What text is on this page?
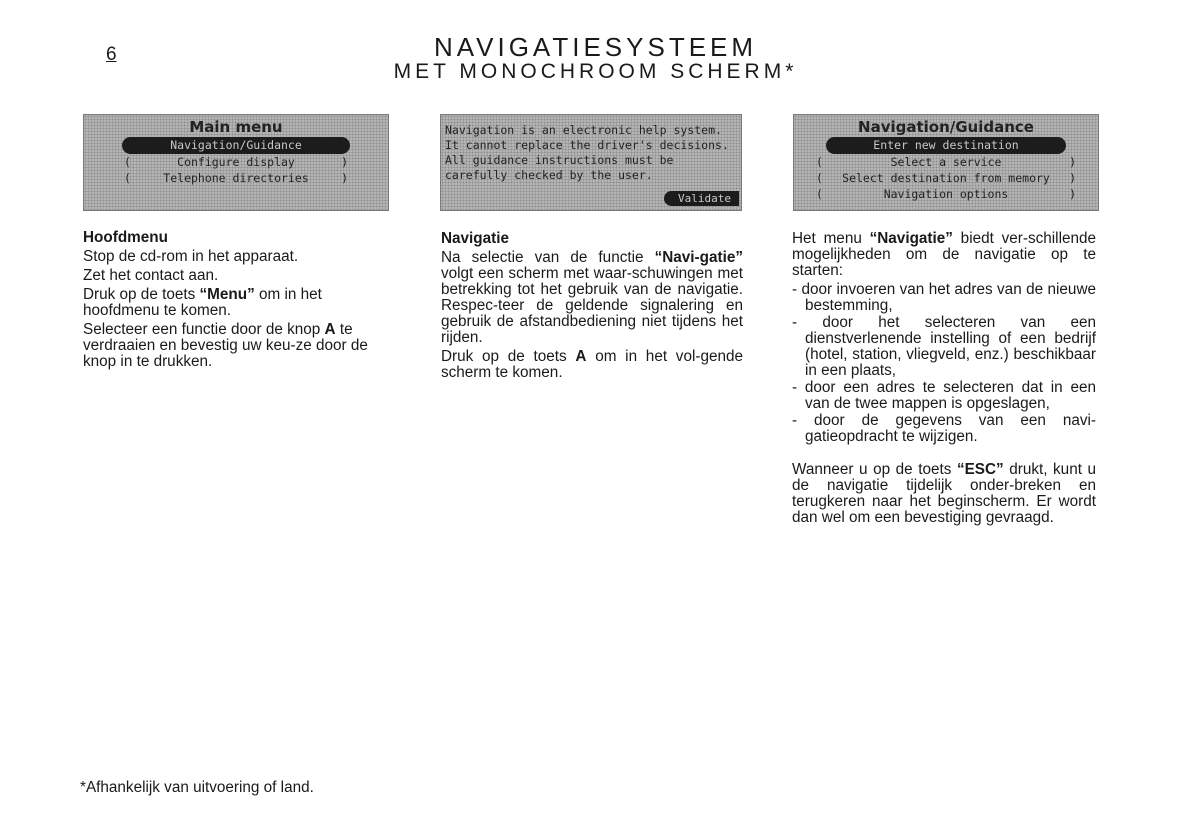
6	NAVIGATIESYSTEEM
MET MONOCHROOM SCHERM*
Main menu
Navigation/Guidance
( Configure display )
( Telephone directories )
Navigation is an electronic help system.
It cannot replace the driver's decisions.
All guidance instructions must be
carefully checked by the user.
Validate
Navigation/Guidance
Enter new destination
( Select a service )
( Select destination from memory )
( Navigation options )

Hoofdmenu

Stop de cd-rom in het apparaat.

Zet het contact aan.

Druk op de toets “Menu” om in het hoofdmenu te komen.

Selecteer een functie door de knop A te verdraaien en bevestig uw keu-ze door de knop in te drukken.

Navigatie

Na selectie van de functie “Navi-gatie” volgt een scherm met waar-schuwingen met betrekking tot het gebruik van de navigatie. Respec-teer de geldende signalering en gebruik de afstandbediening niet tijdens het rijden.

Druk op de toets A om in het vol-gende scherm te komen.

Het menu “Navigatie” biedt ver-schillende mogelijkheden om de navigatie op te starten:

- door invoeren van het adres van de nieuwe bestemming,
- door het selecteren van een dienstverlenende instelling of een bedrijf (hotel, station, vliegveld, enz.) beschikbaar in een plaats,
- door een adres te selecteren dat in een van de twee mappen is opgeslagen,
- door de gegevens van een navi-gatieopdracht te wijzigen.

Wanneer u op de toets “ESC” drukt, kunt u de navigatie tijdelijk onder-breken en terugkeren naar het beginscherm. Er wordt dan wel om een bevestiging gevraagd.

*Afhankelijk van uitvoering of land.
